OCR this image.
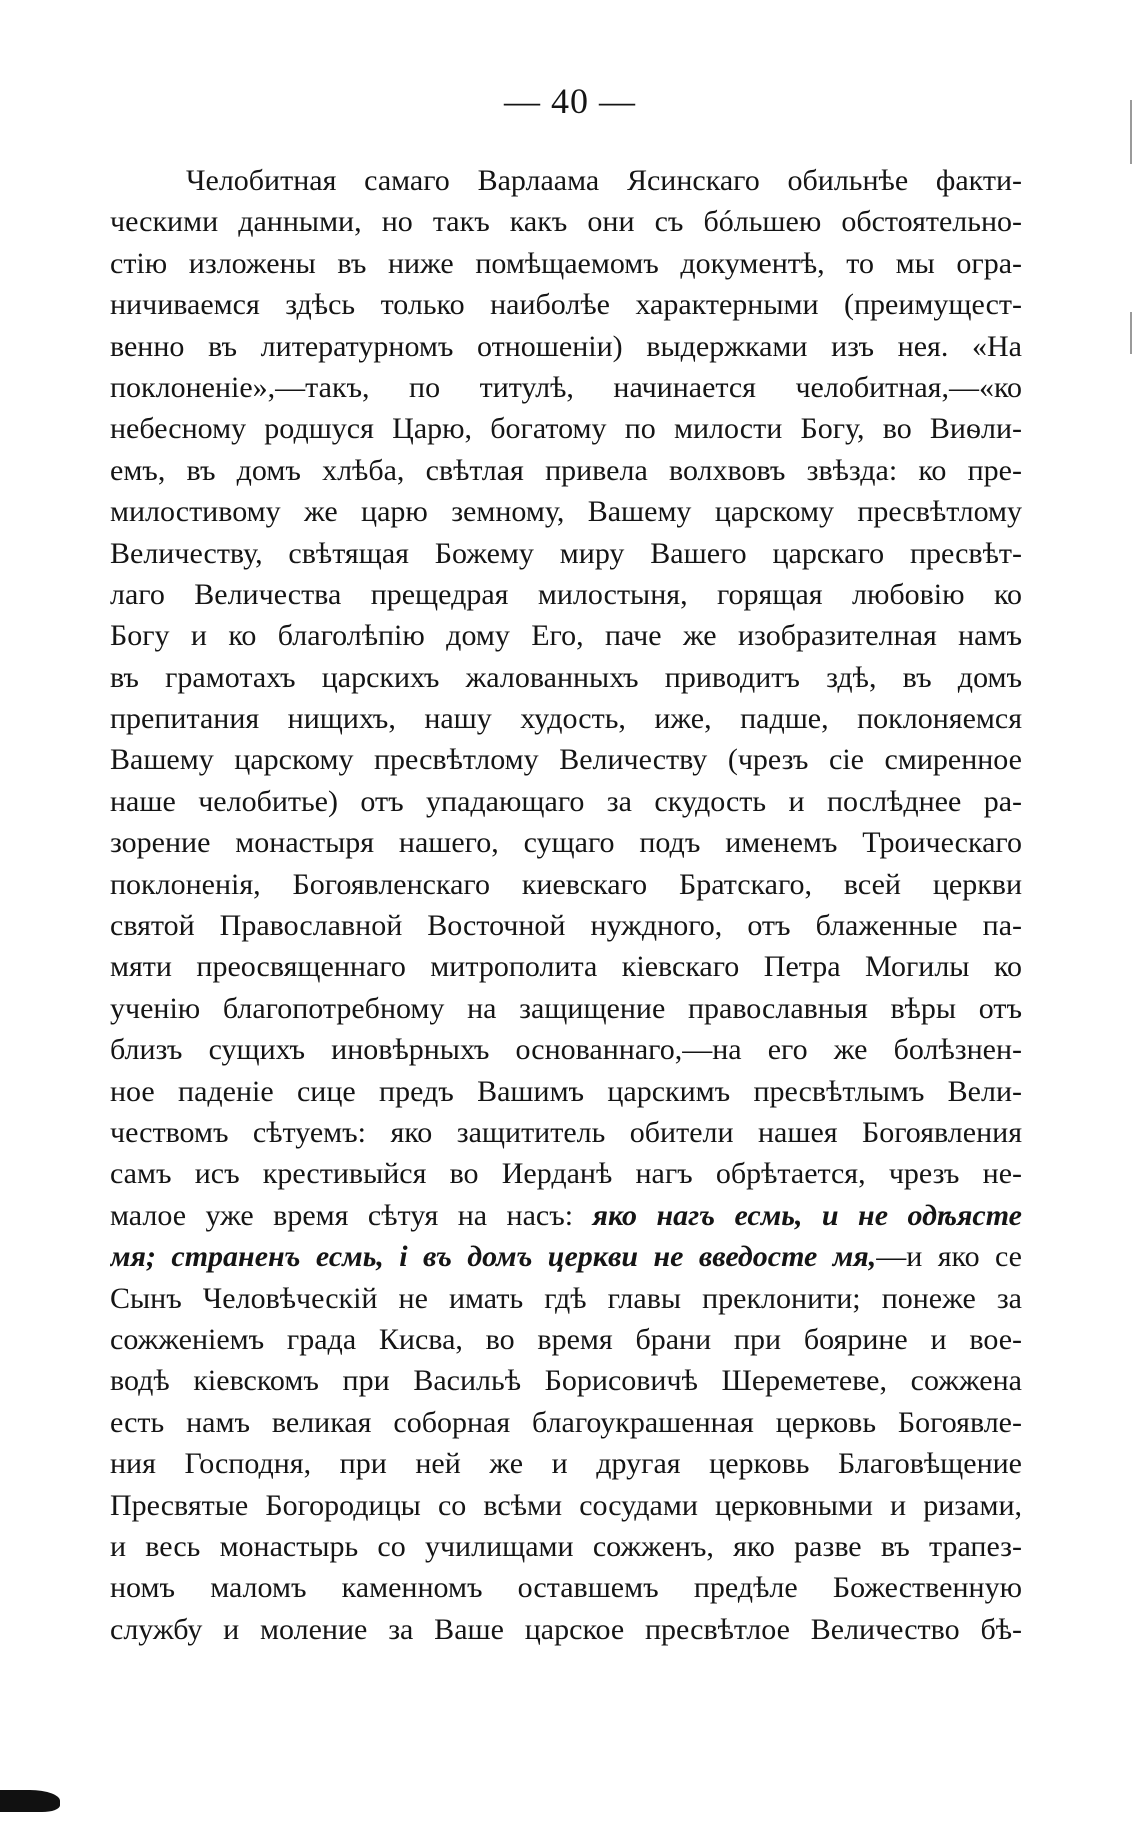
— 40 —
Челобитная самаго Варлаама Ясинскаго обильнѣе факти-
ческими данными, но такъ какъ они съ бóльшею обстоятельно-
стію изложены въ ниже помѣщаемомъ документѣ, то мы огра-
ничиваемся здѣсь только наиболѣе характерными (преимущест-
венно въ литературномъ отношеніи) выдержками изъ нея. «На
поклоненіе»,—такъ, по титулѣ, начинается челобитная,—«ко
небесному родшуся Царю, богатому по милости Богу, во Виѳли-
емъ, въ домъ хлѣба, свѣтлая привела волхвовъ звѣзда: ко пре-
милостивому же царю земному, Вашему царскому пресвѣтлому
Величеству, свѣтящая Божему миру Вашего царскаго пресвѣт-
лаго Величества прещедрая милостыня, горящая любовію ко
Богу и ко благолѣпію дому Его, паче же изобразителная намъ
въ грамотахъ царскихъ жалованныхъ приводитъ здѣ, въ домъ
препитания нищихъ, нашу худость, иже, падше, поклоняемся
Вашему царскому пресвѣтлому Величеству (чрезъ сіе смиренное
наше челобитье) отъ упадающаго за скудость и послѣднее ра-
зорение монастыря нашего, сущаго подъ именемъ Троическаго
поклоненія, Богоявленскаго киевскаго Братскаго, всей церкви
святой Православной Восточной нуждного, отъ блаженные па-
мяти преосвященнаго митрополита кіевскаго Петра Могилы ко
ученію благопотребному на защищение православныя вѣры отъ
близъ сущихъ иновѣрныхъ основаннаго,—на его же болѣзнен-
ное паденіе сице предъ Вашимъ царскимъ пресвѣтлымъ Вели-
чествомъ сѣтуемъ: яко защититель обители нашея Богоявления
самъ исъ крестивыйся во Иерданѣ нагъ обрѣтается, чрезъ не-
малое уже время сѣтуя на насъ: яко нагъ есмь, и не одѣясте
мя; страненъ есмь, і въ домъ церкви не введосте мя,—и яко се
Сынъ Человѣческій не имать гдѣ главы преклонити; понеже за
сожженіемъ града Кисва, во время брани при боярине и вое-
водѣ кіевскомъ при Васильѣ Борисовичѣ Шереметеве, сожжена
есть намъ великая соборная благоукрашенная церковь Богоявле-
ния Господня, при ней же и другая церковь Благовѣщение
Пресвятые Богородицы со всѣми сосудами церковными и ризами,
и весь монастырь со училищами сожженъ, яко разве въ трапез-
номъ маломъ каменномъ оставшемъ предѣле Божественную
службу и моление за Ваше царское пресвѣтлое Величество бѣ-
